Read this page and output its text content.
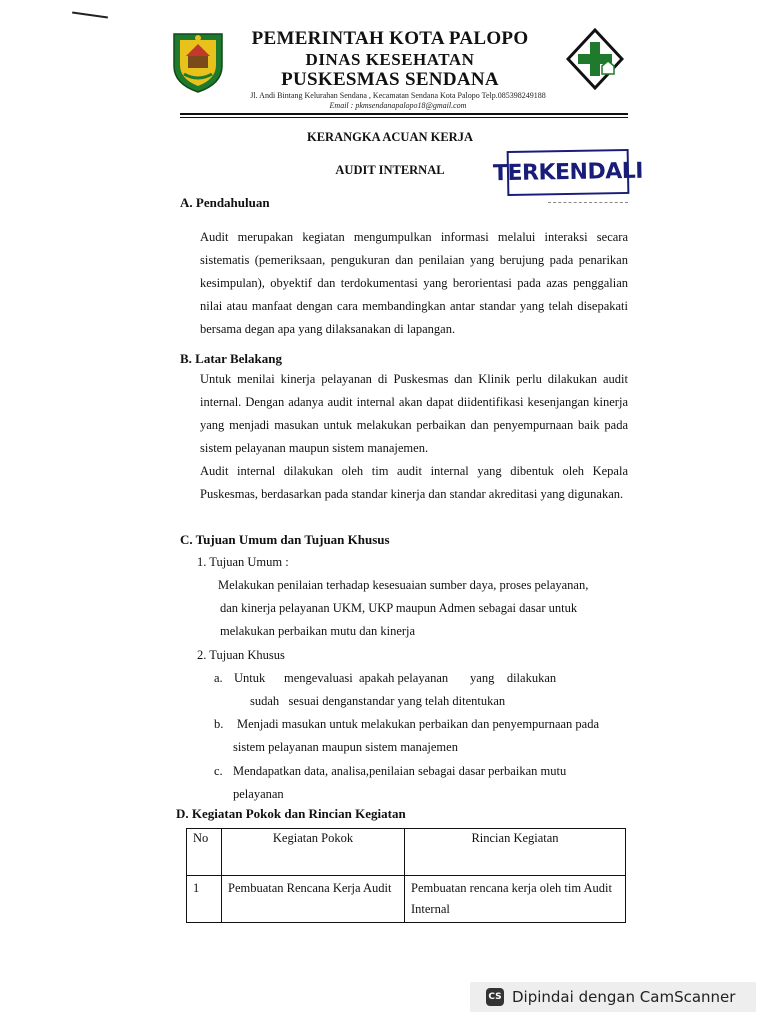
PEMERINTAH KOTA PALOPO
DINAS KESEHATAN
PUSKESMAS SENDANA
Jl. Andi Bintang Kelurahan Sendana , Kecamatan Sendana Kota Palopo Telp.085398249188
Email : pkmsendanapalopo18@gmail.com
KERANGKA ACUAN KERJA
AUDIT INTERNAL	TERKENDALI
A. Pendahuluan
Audit merupakan kegiatan mengumpulkan informasi melalui interaksi secara sistematis (pemeriksaan, pengukuran dan penilaian yang berujung pada penarikan kesimpulan), obyektif dan terdokumentasi yang berorientasi pada azas penggalian nilai atau manfaat dengan cara membandingkan antar standar yang telah disepakati bersama degan apa yang dilaksanakan di lapangan.
B. Latar Belakang

Untuk menilai kinerja pelayanan di Puskesmas dan Klinik perlu dilakukan audit internal. Dengan adanya audit internal akan dapat diidentifikasi kesenjangan kinerja yang menjadi masukan untuk melakukan perbaikan dan penyempurnaan baik pada sistem pelayanan maupun sistem manajemen.

Audit internal dilakukan oleh tim audit internal yang dibentuk oleh Kepala Puskesmas, berdasarkan pada standar kinerja dan standar akreditasi yang digunakan.

C. Tujuan Umum dan Tujuan Khusus
1. Tujuan Umum :
Melakukan penilaian terhadap kesesuaian sumber daya, proses pelayanan,
dan kinerja pelayanan UKM, UKP maupun Admen sebagai dasar untuk
melakukan perbaikan mutu dan kinerja
2. Tujuan Khusus
a. Untuk      mengevaluasi  apakah pelayanan       yang    dilakukan
sudah   sesuai denganstandar yang telah ditentukan
b. Menjadi masukan untuk melakukan perbaikan dan penyempurnaan pada
sistem pelayanan maupun sistem manajemen
c. Mendapatkan data, analisa,penilaian sebagai dasar perbaikan mutu
pelayanan
D. Kegiatan Pokok dan Rincian Kegiatan
No	Kegiatan Pokok	Rincian Kegiatan
1	Pembuatan Rencana Kerja Audit	Pembuatan rencana kerja oleh tim Audit Internal
CS Dipindai dengan CamScanner
